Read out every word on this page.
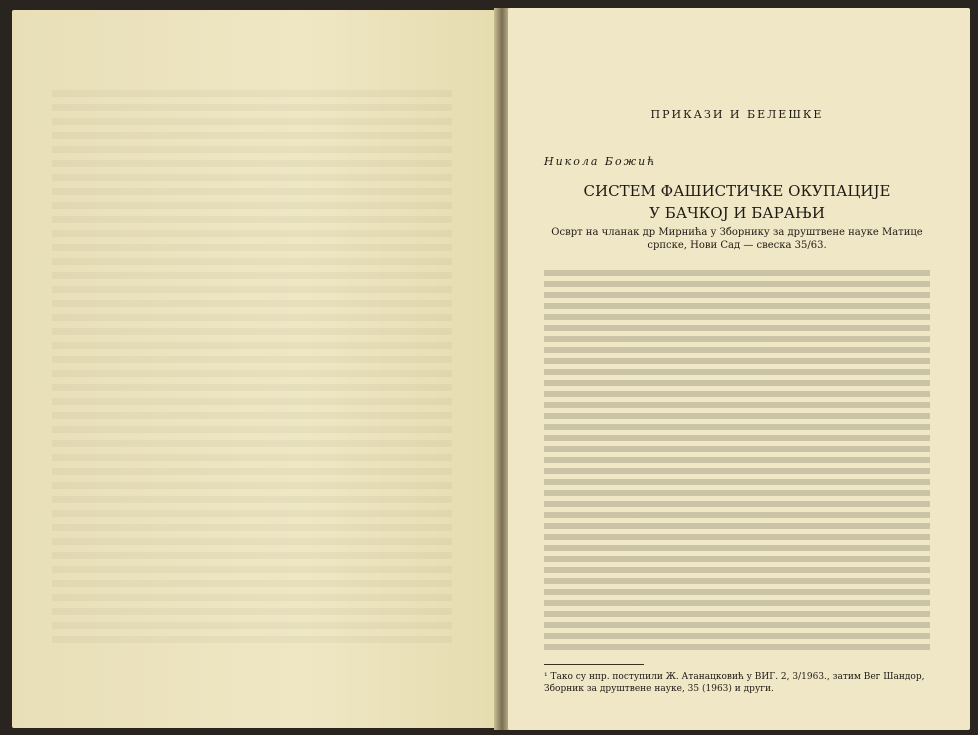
ПРИКАЗИ И БЕЛЕШКЕ
Никола Божић
СИСТЕМ ФАШИСТИЧКЕ ОКУПАЦИЈЕ
У БАЧКОЈ И БАРАЊИ
Осврт на чланак др Мирнића у Зборнику за друштвене науке Матице српске, Нови Сад — свеска 35/63.
¹ Тако су нпр. поступили Ж. Атанацковић у ВИГ. 2, 3/1963., затим Вег Шандор, Зборник за друштвене науке, 35 (1963) и други.
